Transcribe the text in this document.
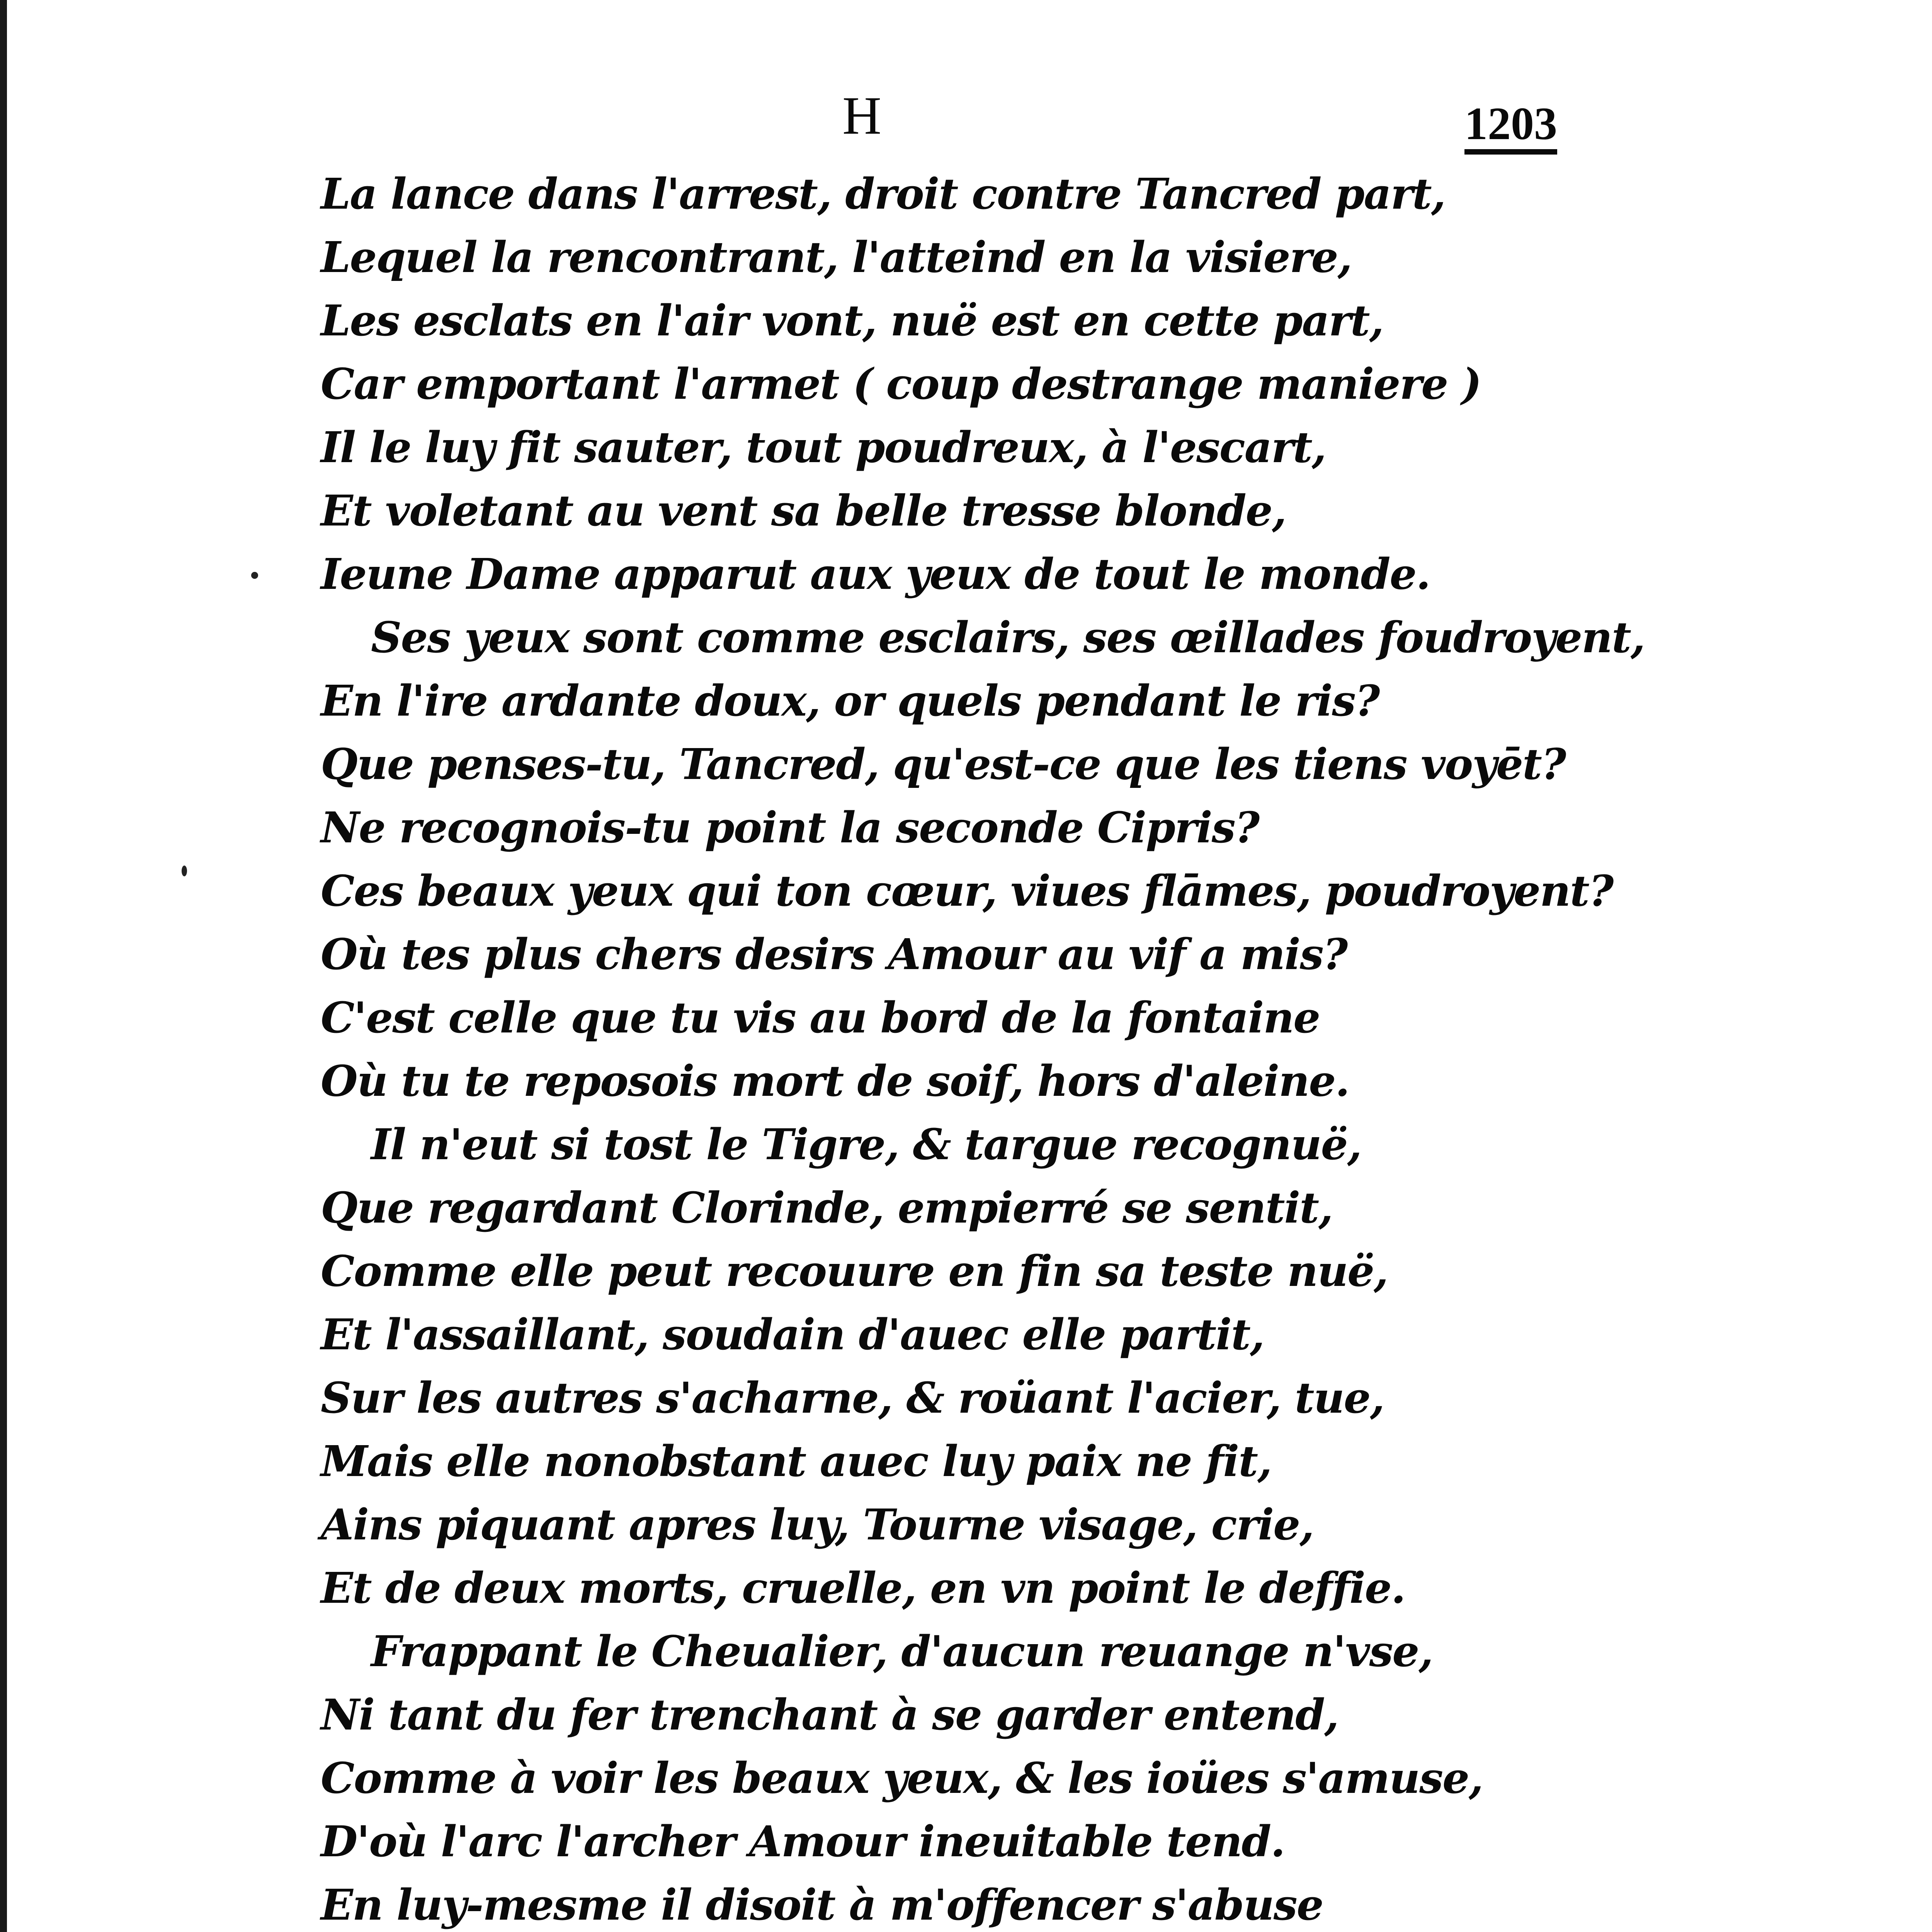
H	1203
La lance dans l'arrest, droit contre Tancred part,
Lequel la rencontrant, l'atteind en la visiere,
Les esclats en l'air vont, nuë est en cette part,
Car emportant l'armet ( coup destrange maniere )
Il le luy fit sauter, tout poudreux, à l'escart,
Et voletant au vent sa belle tresse blonde,
Ieune Dame apparut aux yeux de tout le monde.
Ses yeux sont comme esclairs, ses œillades foudroyent,
En l'ire ardante doux, or quels pendant le ris?
Que penses-tu, Tancred, qu'est-ce que les tiens voyēt?
Ne recognois-tu point la seconde Cipris?
Ces beaux yeux qui ton cœur, viues flāmes, poudroyent?
Où tes plus chers desirs Amour au vif a mis?
C'est celle que tu vis au bord de la fontaine
Où tu te reposois mort de soif, hors d'aleine.
Il n'eut si tost le Tigre, & targue recognuë,
Que regardant Clorinde, empierré se sentit,
Comme elle peut recouure en fin sa teste nuë,
Et l'assaillant, soudain d'auec elle partit,
Sur les autres s'acharne, & roüant l'acier, tue,
Mais elle nonobstant auec luy paix ne fit,
Ains piquant apres luy, Tourne visage, crie,
Et de deux morts, cruelle, en vn point le deffie.
Frappant le Cheualier, d'aucun reuange n'vse,
Ni tant du fer trenchant à se garder entend,
Comme à voir les beaux yeux, & les ioües s'amuse,
D'où l'arc l'archer Amour ineuitable tend.
En luy-mesme il disoit à m'offencer s'abuse
